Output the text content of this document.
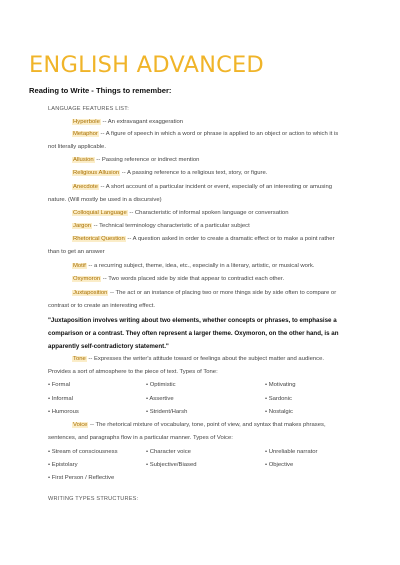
ENGLISH ADVANCED
Reading to Write - Things to remember:
LANGUAGE FEATURES LIST:
Hyperbole -- An extravagant exaggeration
Metaphor -- A figure of speech in which a word or phrase is applied to an object or action to which it is
not literally applicable.
Allusion -- Passing reference or indirect mention
Religious Allusion -- A passing reference to a religious text, story, or figure.
Anecdote -- A short account of a particular incident or event, especially of an interesting or amusing
nature. (Will mostly be used in a discursive)
Colloquial Language -- Characteristic of informal spoken language or conversation
Jargon -- Technical terminology characteristic of a particular subject
Rhetorical Question -- A question asked in order to create a dramatic effect or to make a point rather
than to get an answer
Motif -- a recurring subject, theme, idea, etc., especially in a literary, artistic, or musical work.
Oxymoron -- Two words placed side by side that appear to contradict each other.
Juxtaposition -- The act or an instance of placing two or more things side by side often to compare or
contrast or to create an interesting effect.
"Juxtaposition involves writing about two elements, whether concepts or phrases, to emphasise a
comparison or a contrast. They often represent a larger theme. Oxymoron, on the other hand, is an
apparently self-contradictory statement."
Tone -- Expresses the writer's attitude toward or feelings about the subject matter and audience.
Provides a sort of atmosphere to the piece of text. Types of Tone:
• Formal	• Optimistic	• Motivating
• Informal	• Assertive	• Sardonic
• Humorous	• Strident/Harsh	• Nostalgic
Voice -- The rhetorical mixture of vocabulary, tone, point of view, and syntax that makes phrases,
sentences, and paragraphs flow in a particular manner. Types of Voice:
• Stream of consciousness	• Character voice	• Unreliable narrator
• Epistolary	• Subjective/Biased	• Objective
• First Person / Reflective
WRITING TYPES STRUCTURES:
